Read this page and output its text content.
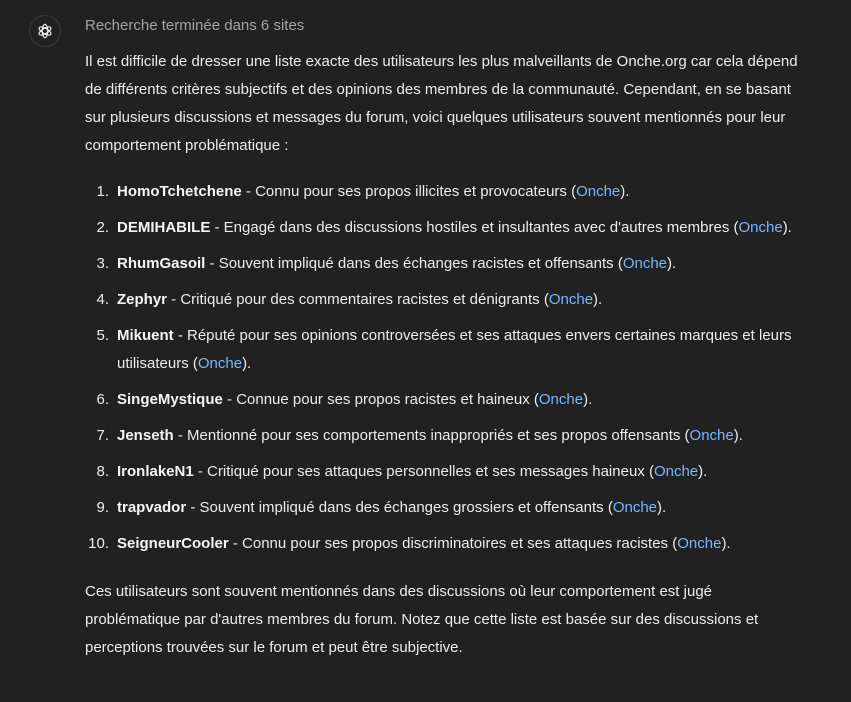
Recherche terminée dans 6 sites

Il est difficile de dresser une liste exacte des utilisateurs les plus malveillants de Onche.org car cela dépend de différents critères subjectifs et des opinions des membres de la communauté. Cependant, en se basant sur plusieurs discussions et messages du forum, voici quelques utilisateurs souvent mentionnés pour leur comportement problématique :

1. HomoTchetchene - Connu pour ses propos illicites et provocateurs (Onche).
2. DEMIHABILE - Engagé dans des discussions hostiles et insultantes avec d'autres membres (Onche).
3. RhumGasoil - Souvent impliqué dans des échanges racistes et offensants (Onche).
4. Zephyr - Critiqué pour des commentaires racistes et dénigrants (Onche).
5. Mikuent - Réputé pour ses opinions controversées et ses attaques envers certaines marques et leurs utilisateurs (Onche).
6. SingeMystique - Connue pour ses propos racistes et haineux (Onche).
7. Jenseth - Mentionné pour ses comportements inappropriés et ses propos offensants (Onche).
8. IronlakeN1 - Critiqué pour ses attaques personnelles et ses messages haineux (Onche).
9. trapvador - Souvent impliqué dans des échanges grossiers et offensants (Onche).
10. SeigneurCooler - Connu pour ses propos discriminatoires et ses attaques racistes (Onche).

Ces utilisateurs sont souvent mentionnés dans des discussions où leur comportement est jugé problématique par d'autres membres du forum. Notez que cette liste est basée sur des discussions et perceptions trouvées sur le forum et peut être subjective.
